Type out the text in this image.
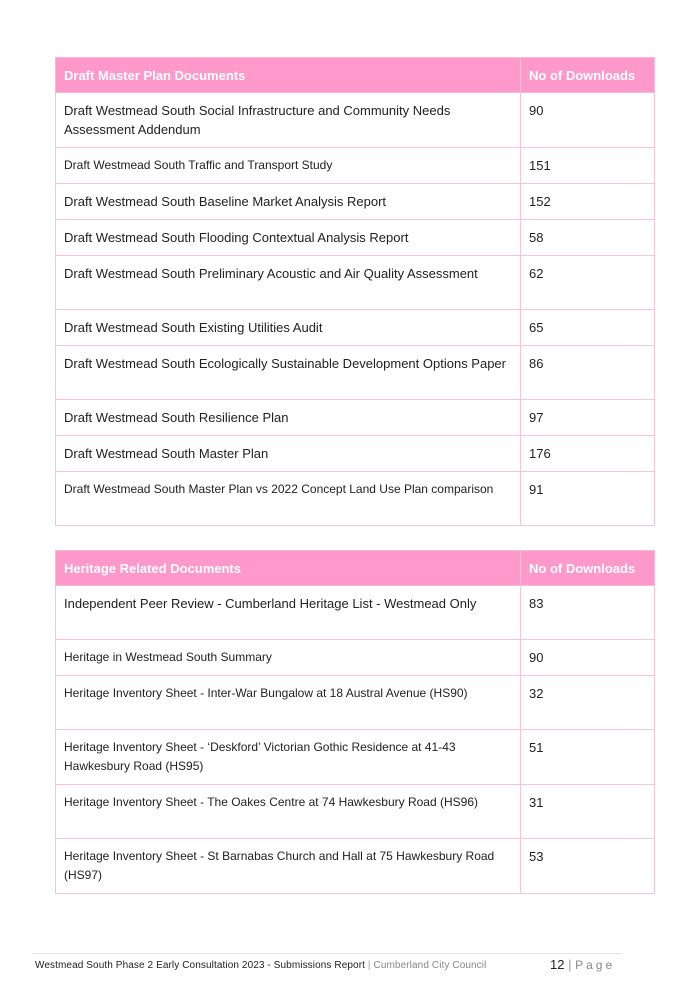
Draft Master Plan Documents	No of Downloads
Draft Westmead South Social Infrastructure and Community Needs Assessment Addendum	90
Draft Westmead South Traffic and Transport Study	151
Draft Westmead South Baseline Market Analysis Report	152
Draft Westmead South Flooding Contextual Analysis Report	58
Draft Westmead South Preliminary Acoustic and Air Quality Assessment	62
Draft Westmead South Existing Utilities Audit	65
Draft Westmead South Ecologically Sustainable Development Options Paper	86
Draft Westmead South Resilience Plan	97
Draft Westmead South Master Plan	176
Draft Westmead South Master Plan vs 2022 Concept Land Use Plan comparison	91
Heritage Related Documents	No of Downloads
Independent Peer Review - Cumberland Heritage List - Westmead Only	83
Heritage in Westmead South Summary	90
Heritage Inventory Sheet - Inter-War Bungalow at 18 Austral Avenue (HS90)	32
Heritage Inventory Sheet - ‘Deskford’ Victorian Gothic Residence at 41-43 Hawkesbury Road (HS95)	51
Heritage Inventory Sheet - The Oakes Centre at 74 Hawkesbury Road (HS96)	31
Heritage Inventory Sheet - St Barnabas Church and Hall at 75 Hawkesbury Road (HS97)	53
Westmead South Phase 2 Early Consultation 2023 - Submissions Report | Cumberland City Council	12 | Page
